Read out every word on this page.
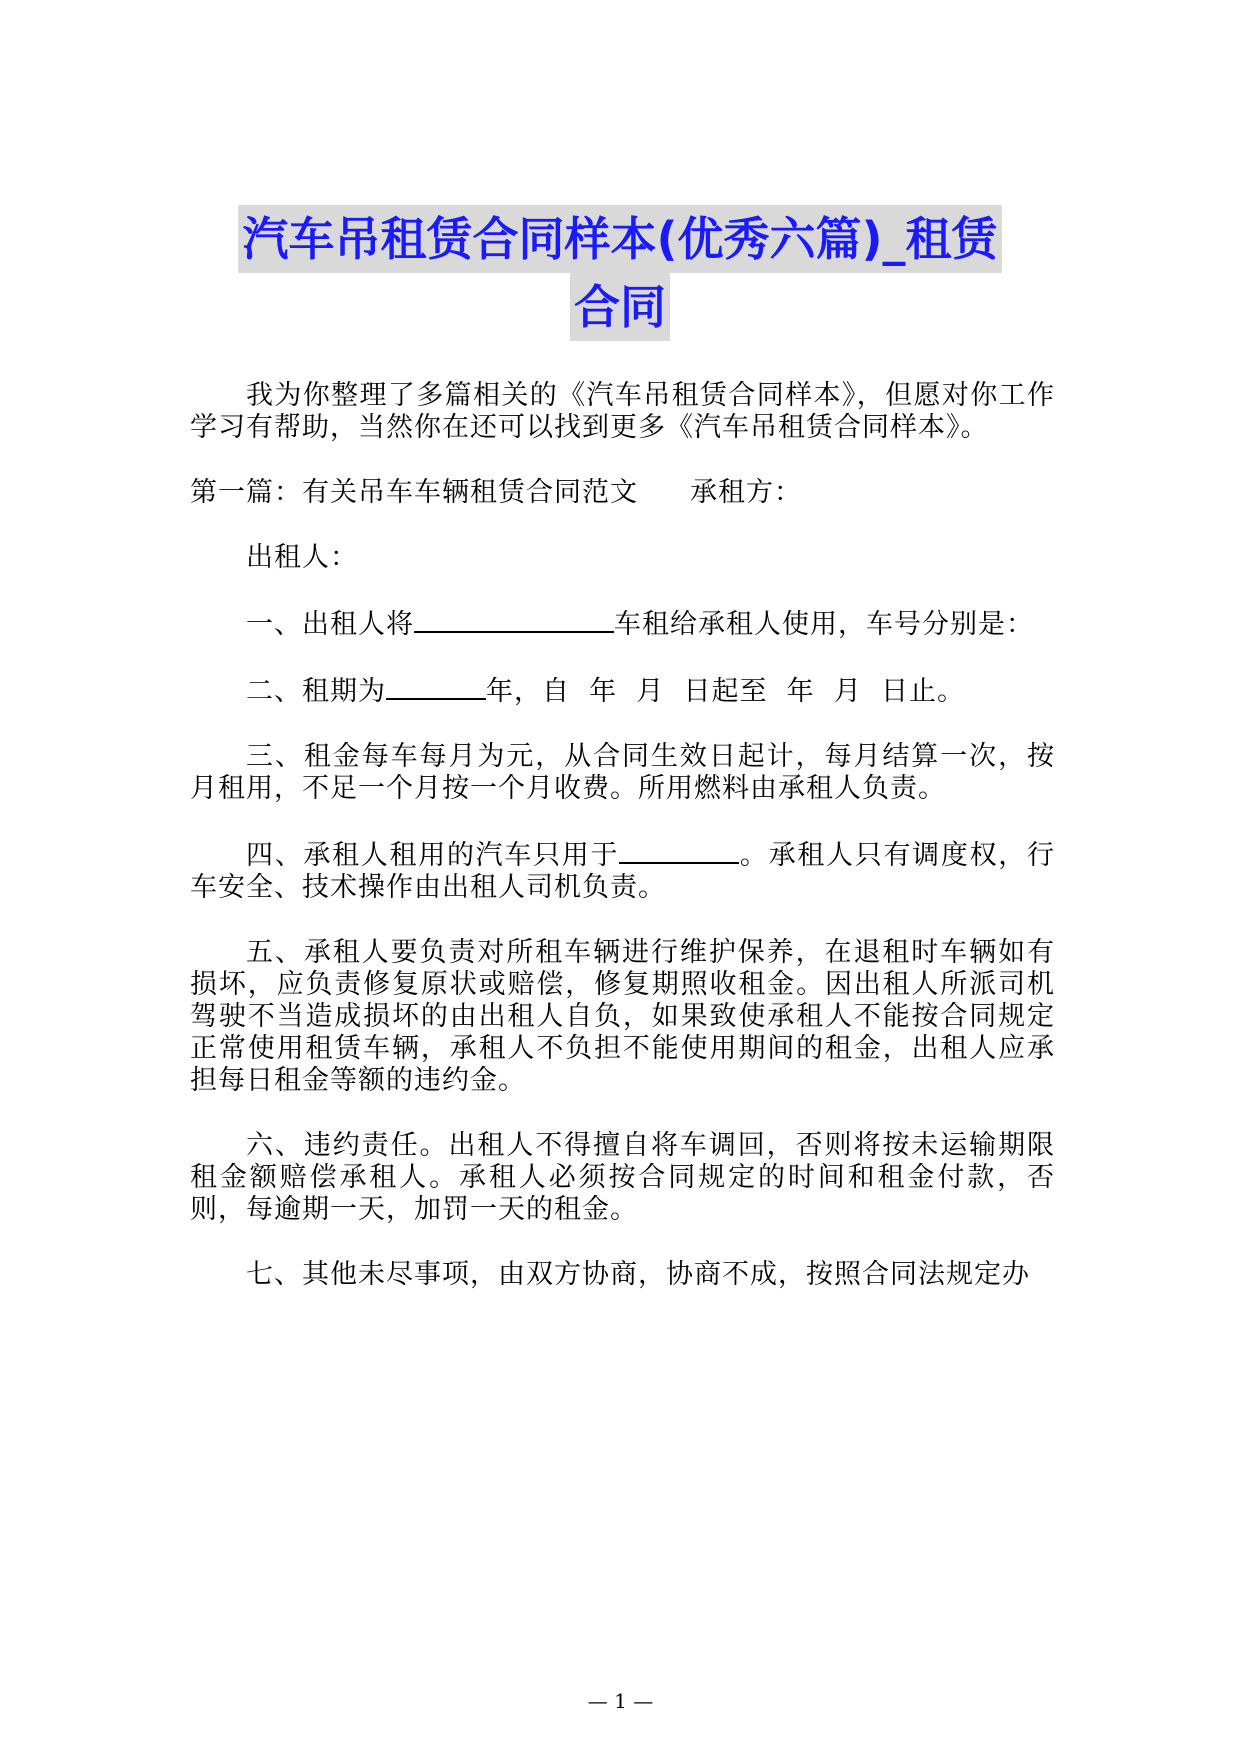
汽车吊租赁合同样本(优秀六篇)_租赁
合同

我为你整理了多篇相关的《汽车吊租赁合同样本》，但愿对你工作学习有帮助，当然你在还可以找到更多《汽车吊租赁合同样本》。

第一篇：有关吊车车辆租赁合同范文 承租方：

出租人：

一、出租人将	车租给承租人使用，车号分别是：

二、租期为	年，自  年  月  日起至  年  月  日止。

三、租金每车每月为元，从合同生效日起计，每月结算一次，按月租用，不足一个月按一个月收费。所用燃料由承租人负责。

四、承租人租用的汽车只用于	。承租人只有调度权，行车安全、技术操作由出租人司机负责。

五、承租人要负责对所租车辆进行维护保养，在退租时车辆如有损坏，应负责修复原状或赔偿，修复期照收租金。因出租人所派司机驾驶不当造成损坏的由出租人自负，如果致使承租人不能按合同规定正常使用租赁车辆，承租人不负担不能使用期间的租金，出租人应承担每日租金等额的违约金。

六、违约责任。出租人不得擅自将车调回，否则将按未运输期限租金额赔偿承租人。承租人必须按合同规定的时间和租金付款，否则，每逾期一天，加罚一天的租金。

七、其他未尽事项，由双方协商，协商不成，按照合同法规定办

— 1 —
